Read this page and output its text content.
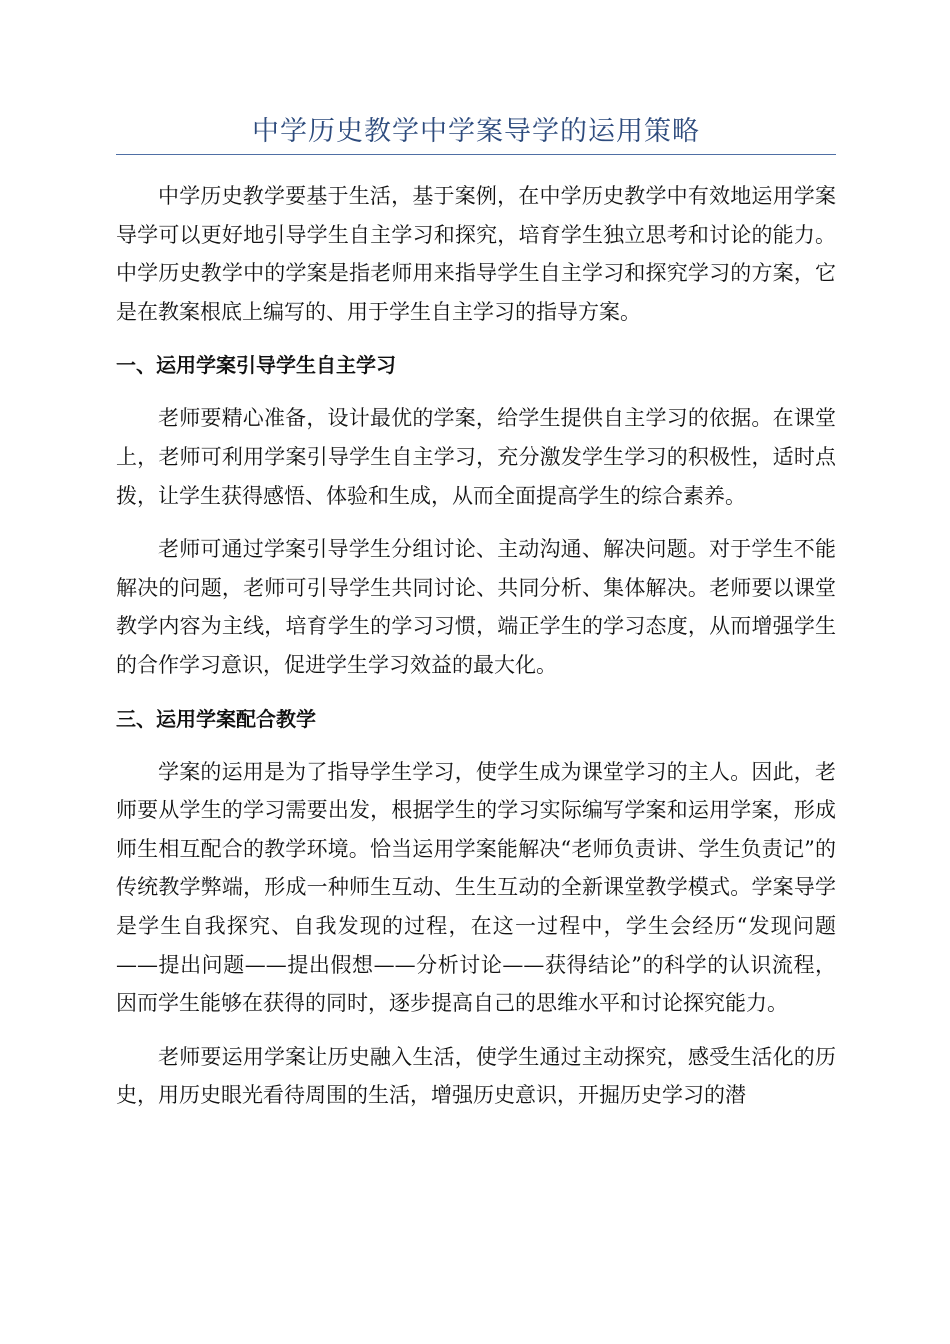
中学历史教学中学案导学的运用策略

中学历史教学要基于生活，基于案例，在中学历史教学中有效地运用学案导学可以更好地引导学生自主学习和探究，培育学生独立思考和讨论的能力。中学历史教学中的学案是指老师用来指导学生自主学习和探究学习的方案，它是在教案根底上编写的、用于学生自主学习的指导方案。

一、运用学案引导学生自主学习

老师要精心准备，设计最优的学案，给学生提供自主学习的依据。在课堂上，老师可利用学案引导学生自主学习，充分激发学生学习的积极性，适时点拨，让学生获得感悟、体验和生成，从而全面提高学生的综合素养。

老师可通过学案引导学生分组讨论、主动沟通、解决问题。对于学生不能解决的问题，老师可引导学生共同讨论、共同分析、集体解决。老师要以课堂教学内容为主线，培育学生的学习习惯，端正学生的学习态度，从而增强学生的合作学习意识，促进学生学习效益的最大化。

三、运用学案配合教学

学案的运用是为了指导学生学习，使学生成为课堂学习的主人。因此，老师要从学生的学习需要出发，根据学生的学习实际编写学案和运用学案，形成师生相互配合的教学环境。恰当运用学案能解决“老师负责讲、学生负责记”的传统教学弊端，形成一种师生互动、生生互动的全新课堂教学模式。学案导学是学生自我探究、自我发现的过程，在这一过程中，学生会经历“发现问题——提出问题——提出假想——分析讨论——获得结论”的科学的认识流程，因而学生能够在获得的同时，逐步提高自己的思维水平和讨论探究能力。

老师要运用学案让历史融入生活，使学生通过主动探究，感受生活化的历史，用历史眼光看待周围的生活，增强历史意识，开掘历史学习的潜
